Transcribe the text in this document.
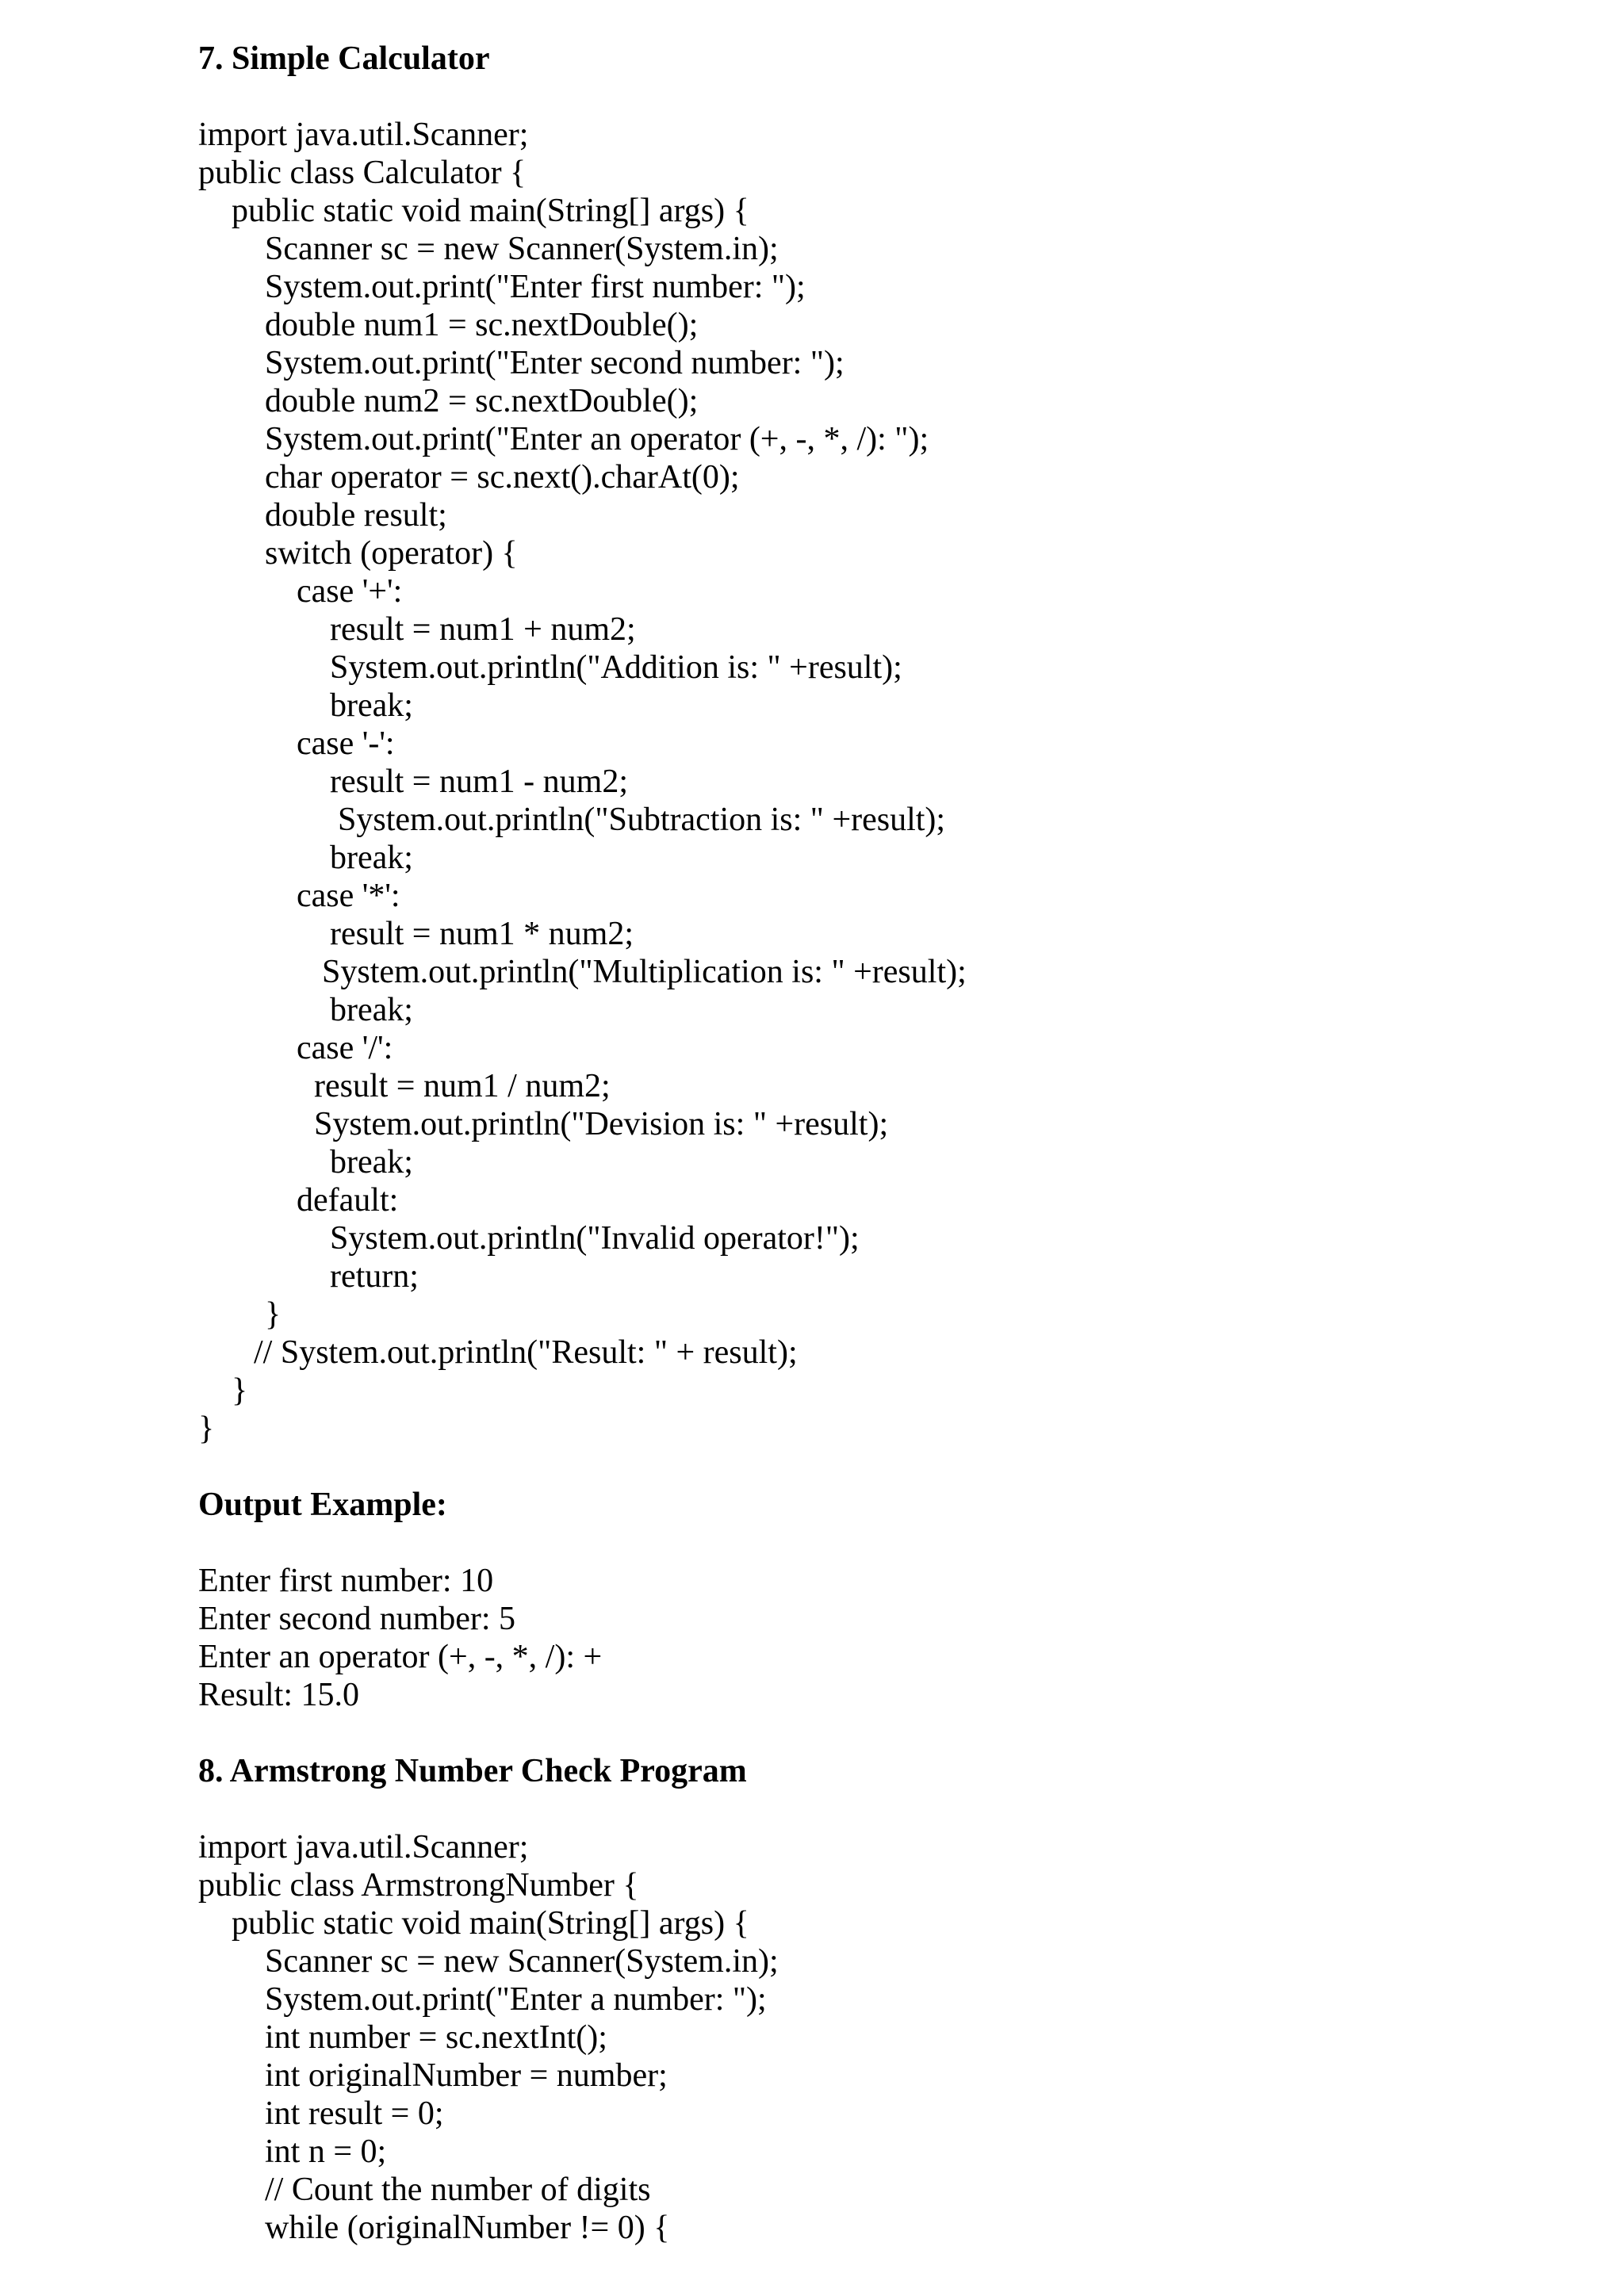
7. Simple Calculator
import java.util.Scanner;
public class Calculator {
public static void main(String[] args) {
Scanner sc = new Scanner(System.in);
System.out.print("Enter first number: ");
double num1 = sc.nextDouble();
System.out.print("Enter second number: ");
double num2 = sc.nextDouble();
System.out.print("Enter an operator (+, -, *, /): ");
char operator = sc.next().charAt(0);
double result;
switch (operator) {
case '+':
result = num1 + num2;
System.out.println("Addition is: " +result);
break;
case '-':
result = num1 - num2;
System.out.println("Subtraction is: " +result);
break;
case '*':
result = num1 * num2;
System.out.println("Multiplication is: " +result);
break;
case '/':
result = num1 / num2;
System.out.println("Devision is: " +result);
break;
default:
System.out.println("Invalid operator!");
return;
}
// System.out.println("Result: " + result);
}
}
Output Example:
Enter first number: 10
Enter second number: 5
Enter an operator (+, -, *, /): +
Result: 15.0
8. Armstrong Number Check Program
import java.util.Scanner;
public class ArmstrongNumber {
public static void main(String[] args) {
Scanner sc = new Scanner(System.in);
System.out.print("Enter a number: ");
int number = sc.nextInt();
int originalNumber = number;
int result = 0;
int n = 0;
// Count the number of digits
while (originalNumber != 0) {
